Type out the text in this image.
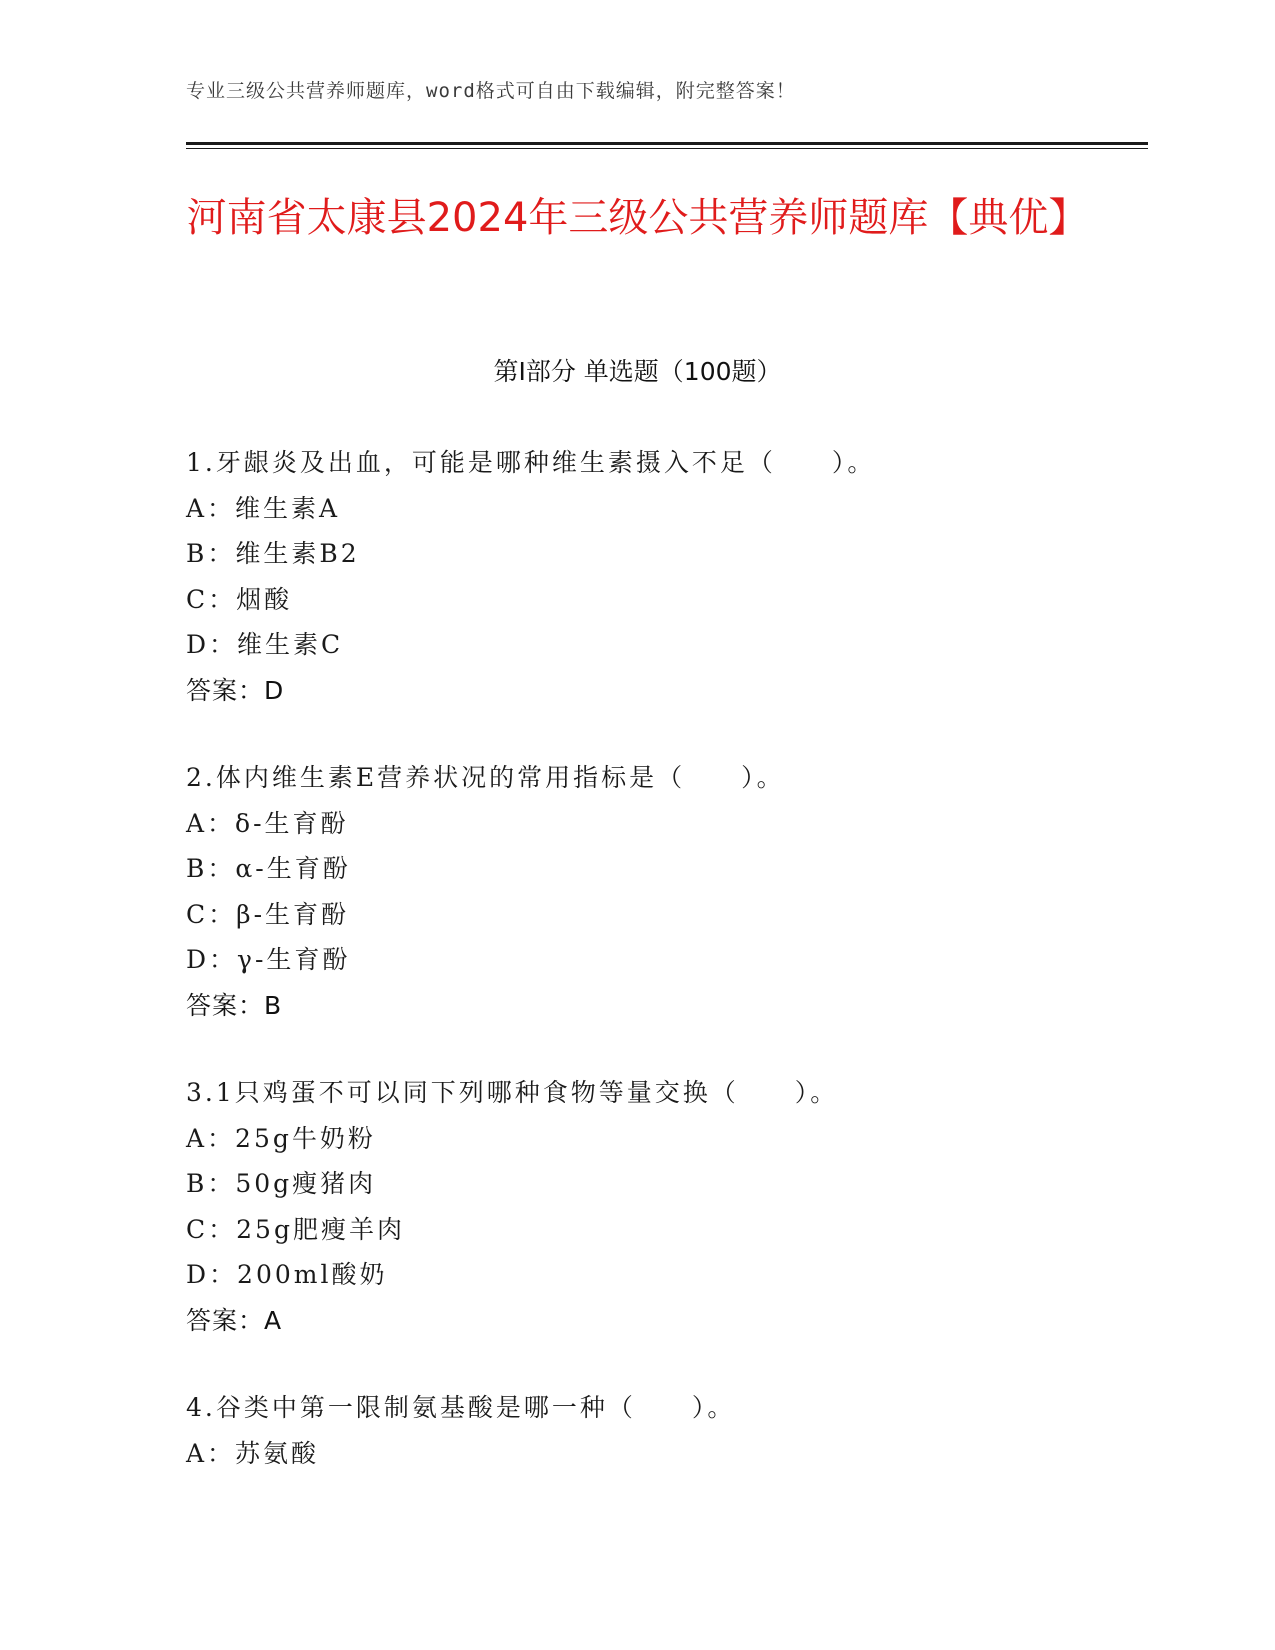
专业三级公共营养师题库，word格式可自由下载编辑，附完整答案！
河南省太康县2024年三级公共营养师题库【典优】
第I部分 单选题（100题）
1.牙龈炎及出血，可能是哪种维生素摄入不足（　　）。
A：维生素A
B：维生素B2
C：烟酸
D：维生素C
答案：D
2.体内维生素E营养状况的常用指标是（　　）。
A：δ-生育酚
B：α-生育酚
C：β-生育酚
D：γ-生育酚
答案：B
3.1只鸡蛋不可以同下列哪种食物等量交换（　　）。
A：25g牛奶粉
B：50g瘦猪肉
C：25g肥瘦羊肉
D：200ml酸奶
答案：A
4.谷类中第一限制氨基酸是哪一种（　　）。
A：苏氨酸
